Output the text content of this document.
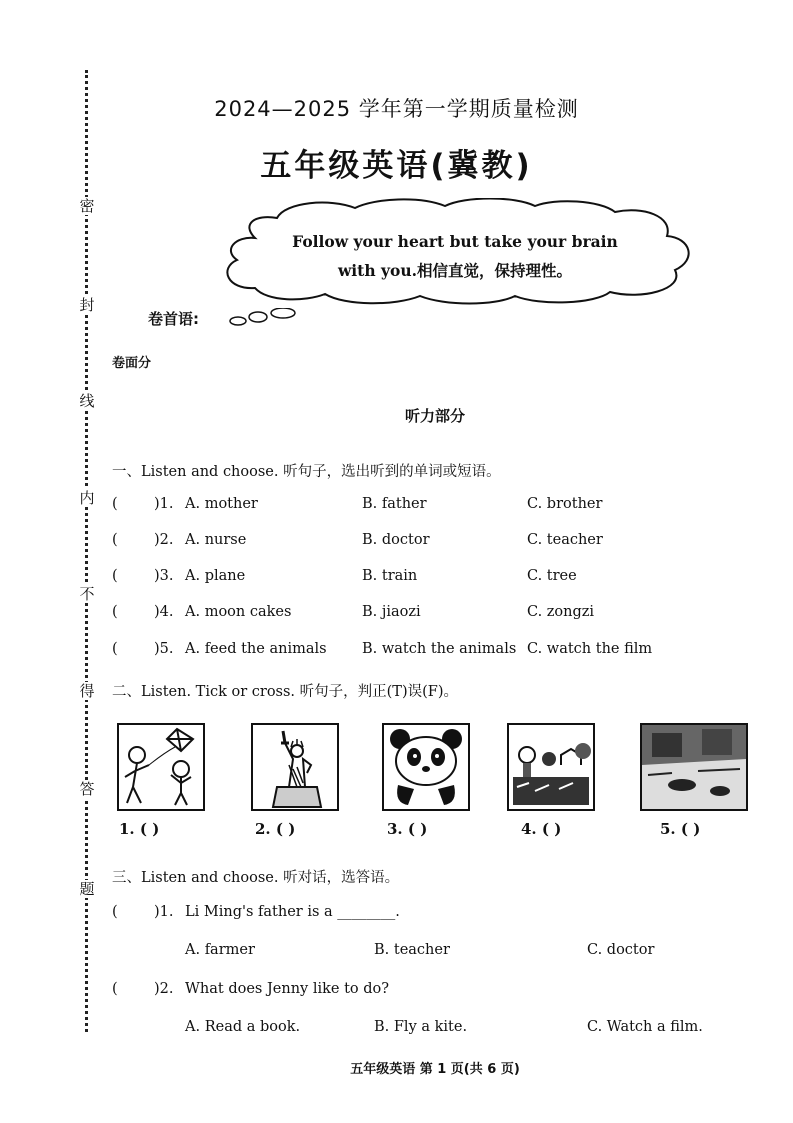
密
封
线
内
不
得
答
题
2024—2025 学年第一学期质量检测
五年级英语(冀教)
Follow your heart but take your brain
with you.相信直觉，保持理性。
卷首语:
卷面分
听力部分
一、Listen and choose. 听句子，选出听到的单词或短语。
(	)1. A. mother	B. father	C. brother
(	)2. A. nurse	B. doctor	C. teacher
(	)3. A. plane	B. train	C. tree
(	)4. A. moon cakes	B. jiaozi	C. zongzi
(	)5. A. feed the animals B. watch the animals C. watch the film
二、Listen. Tick or cross. 听句子，判正(T)误(F)。
1. ( )	2. ( )	3. ( )	4. ( )	5. ( )
三、Listen and choose. 听对话，选答语。
(	)1. Li Ming's father is a ________.
A. farmer	B. teacher	C. doctor
(	)2. What does Jenny like to do?
A. Read a book.	B. Fly a kite.	C. Watch a film.
五年级英语 第 1 页(共 6 页)
